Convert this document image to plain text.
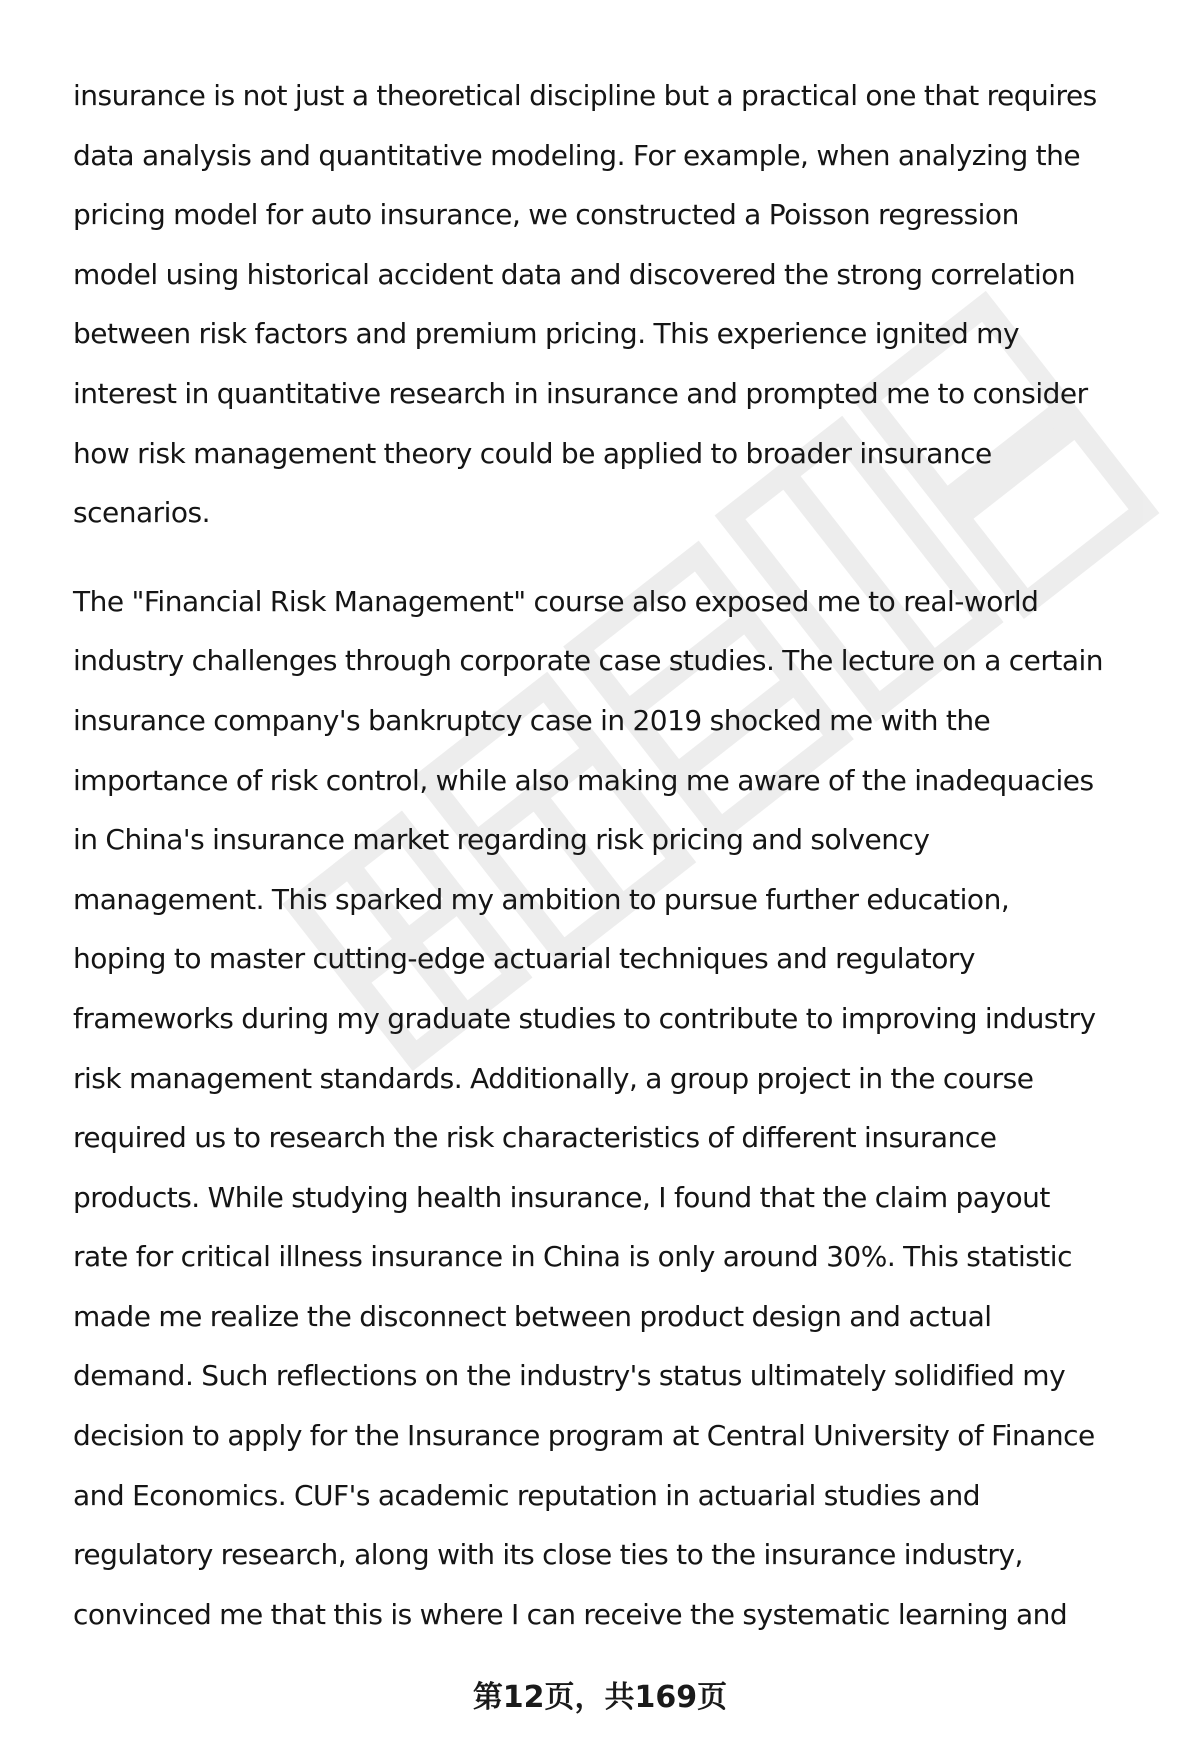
insurance is not just a theoretical discipline but a practical one that requires
data analysis and quantitative modeling. For example, when analyzing the
pricing model for auto insurance, we constructed a Poisson regression
model using historical accident data and discovered the strong correlation
between risk factors and premium pricing. This experience ignited my
interest in quantitative research in insurance and prompted me to consider
how risk management theory could be applied to broader insurance
scenarios.

The "Financial Risk Management" course also exposed me to real-world
industry challenges through corporate case studies. The lecture on a certain
insurance company's bankruptcy case in 2019 shocked me with the
importance of risk control, while also making me aware of the inadequacies
in China's insurance market regarding risk pricing and solvency
management. This sparked my ambition to pursue further education,
hoping to master cutting-edge actuarial techniques and regulatory
frameworks during my graduate studies to contribute to improving industry
risk management standards. Additionally, a group project in the course
required us to research the risk characteristics of different insurance
products. While studying health insurance, I found that the claim payout
rate for critical illness insurance in China is only around 30%. This statistic
made me realize the disconnect between product design and actual
demand. Such reflections on the industry's status ultimately solidified my
decision to apply for the Insurance program at Central University of Finance
and Economics. CUF's academic reputation in actuarial studies and
regulatory research, along with its close ties to the insurance industry,
convinced me that this is where I can receive the systematic learning and

第12页，共169页
